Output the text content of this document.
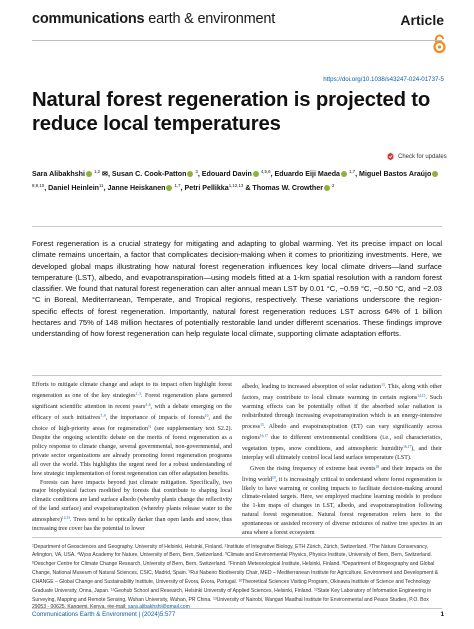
communications earth & environment	Article
https://doi.org/10.1038/s43247-024-01737-5
Natural forest regeneration is projected to reduce local temperatures
Check for updates
Sara Alibakhshi $^{1,2}$ ✉, Susan C. Cook-Patton $^3$, Edouard Davin $^{4,5,6}$, Eduardo Eiji Maeda $^{1,7}$, Miguel Bastos Araújo $^{8,9,10}$, Daniel Heinlein$^{11}$, Janne Heiskanen $^{1,7}$, Petri Pellikka$^{1,12,13}$ & Thomas W. Crowther $^2$

Forest regeneration is a crucial strategy for mitigating and adapting to global warming. Yet its precise impact on local climate remains uncertain, a factor that complicates decision-making when it comes to prioritizing investments. Here, we developed global maps illustrating how natural forest regeneration influences key local climate drivers—land surface temperature (LST), albedo, and evapotranspiration—using models fitted at a 1-km spatial resolution with a random forest classifier. We found that natural forest regeneration can alter annual mean LST by 0.01 °C, −0.59 °C, −0.50 °C, and −2.03 °C in Boreal, Mediterranean, Temperate, and Tropical regions, respectively. These variations underscore the region-specific effects of forest regeneration. Importantly, natural forest regeneration reduces LST across 64% of 1 billion hectares and 75% of 148 million hectares of potentially restorable land under different scenarios. These findings improve understanding of how forest regeneration can help regulate local climate, supporting climate adaptation efforts.

Efforts to mitigate climate change and adapt to its impact often highlight forest regeneration as one of the key strategies$^{1-3}$. Forest regeneration plans garnered significant scientific attention in recent years$^{4-6}$, with a debate emerging on the efficacy of such initiatives$^{7-9}$, the importance of impacts of forests$^{10}$, and the choice of high-priority areas for regeneration$^{11}$ (see supplementary text S2.2). Despite the ongoing scientific debate on the merits of forest regeneration as a policy response to climate change, several governmental, non-governmental, and private sector organizations are already promoting forest regeneration programs all over the world. This highlights the urgent need for a robust understanding of how strategic implementation of forest regeneration can offer adaptation benefits.

Forests can have impacts beyond just climate mitigation. Specifically, two major biophysical factors modified by forests that contribute to shaping local climatic conditions are land surface albedo (whereby plants change the reflectivity of the land surface) and evapotranspiration (whereby plants release water to the atmosphere)$^{12,13}$. Trees tend to be optically darker than open lands and snow, thus increasing tree cover has the potential to lower

albedo, leading to increased absorption of solar radiation$^{13}$. This, along with other factors, may contribute to local climate warming in certain regions$^{14,15}$. Such warming effects can be potentially offset if the absorbed solar radiation is redistributed through increasing evapotranspiration which is an energy-intensive process$^{15}$. Albedo and evapotranspiration (ET) can vary significantly across regions$^{16,17}$ due to different environmental conditions (i.e., soil characteristics, vegetation types, snow conditions, and atmospheric humidity$^{16,17}$), and their interplay will ultimately control local land surface temperature (LST).

Given the rising frequency of extreme heat events$^{18}$ and their impacts on the living world$^{19}$, it is increasingly critical to understand where forest regeneration is likely to have warming or cooling impacts to facilitate decision-making around climate-related targets. Here, we employed machine learning models to produce the 1-km maps of changes in LST, albedo, and evapotranspiration following natural forest regeneration. Natural forest regeneration refers here to the spontaneous or assisted recovery of diverse mixtures of native tree species in an area where a forest ecosystem

$^1$Department of Geosciences and Geography, University of Helsinki, Helsinki, Finland. $^2$Institute of Integrative Biology, ETH Zürich, Zürich, Switzerland. $^3$The Nature Conservancy, Arlington, VA, USA. $^4$Wyss Academy for Nature, University of Bern, Bern, Switzerland. $^5$Climate and Environmental Physics, Physics Institute, University of Bern, Bern, Switzerland. $^6$Oeschger Centre for Climate Change Research, University of Bern, Bern, Switzerland. $^7$Finnish Meteorological Institute, Helsinki, Finland. $^8$Department of Biogeography and Global Change, National Museum of Natural Sciences, CSIC, Madrid, Spain. $^9$Rui Nabeiro Biodiversity Chair, MED – Mediterranean Institute for Agriculture, Environment and Development & CHANGE – Global Change and Sustainability Institute, University of Évora, Évora, Portugal. $^{10}$Theoretical Sciences Visiting Program, Okinawa Institute of Science and Technology Graduate University, Onna, Japan. $^{11}$Geohub School and Research, Helsinki University of Applied Sciences, Helsinki, Finland. $^{12}$State Key Laboratory of Information Engineering in Surveying, Mapping and Remote Sensing, Wuhan University, Wuhan, PR China. $^{13}$University of Nairobi, Wangari Maathai Institute for Environmental and Peace Studies, P.O. Box
Communications Earth & Environment | (2024)5:577	1
